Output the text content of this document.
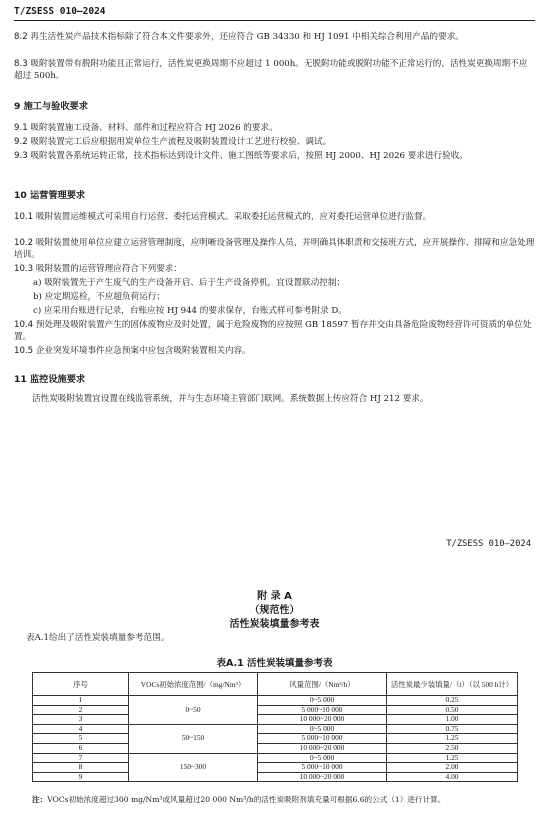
T/ZSESS 010—2024

8.2 再生活性炭产品技术指标除了符合本文件要求外，还应符合 GB 34330 和 HJ 1091 中相关综合利用产品的要求。

8.3 吸附装置带有脱附功能且正常运行，活性炭更换周期不应超过 1 000h。无脱附功能或脱附功能不正常运行的，活性炭更换周期不应超过 500h。

9 施工与验收要求

9.1 吸附装置施工设备、材料、部件和过程应符合 HJ 2026 的要求。

9.2 吸附装置完工后应根据用炭单位生产流程及吸附装置设计工艺进行校验、调试。

9.3 吸附装置各系统运转正常，技术指标达到设计文件、施工图纸等要求后，按照 HJ 2000、HJ 2026 要求进行验收。

10 运营管理要求

10.1 吸附装置运维模式可采用自行运营、委托运营模式。采取委托运营模式的，应对委托运营单位进行监督。

10.2 吸附装置使用单位应建立运营管理制度，应明晰设备管理及操作人员，并明确具体职责和交接班方式，应开展操作、排障和应急处理培训。

10.3 吸附装置的运营管理应符合下列要求：

a) 吸附装置先于产生废气的生产设备开启、后于生产设备停机，宜设置联动控制；

b) 应定期巡检，不应超负荷运行；

c) 应采用台账进行记录，台账应按 HJ 944 的要求保存，台账式样可参考附录 D。

10.4 预处理及吸附装置产生的固体废物应及时处置，属于危险废物的应按照 GB 18597 暂存并交由具备危险废物经营许可资质的单位处置。

10.5 企业突发环境事件应急预案中应包含吸附装置相关内容。

11 监控设施要求

活性炭吸附装置宜设置在线监管系统，并与生态环境主管部门联网。系统数据上传应符合 HJ 212 要求。

T/ZSESS 010—2024
附 录 A
（规范性）
活性炭装填量参考表
表A.1给出了活性炭装填量参考范围。
表A.1 活性炭装填量参考表
序号	VOCs初始浓度范围/（mg/Nm³）	风量范围/（Nm³/h）	活性炭最少装填量/（t）（以 500 h计）
1	0~50	0~5 000	0.25
2		5 000~10 000	0.50
3		10 000~20 000	1.00
4	50~150	0~5 000	0.75
5		5 000~10 000	1.25
6		10 000~20 000	2.50
7	150~300	0~5 000	1.25
8		5 000~10 000	2.00
9		10 000~20 000	4.00
注：VOCs初始浓度超过300 mg/Nm³或风量超过20 000 Nm³/h的活性炭吸附剂填充量可根据6.6的公式（1）进行计算。
